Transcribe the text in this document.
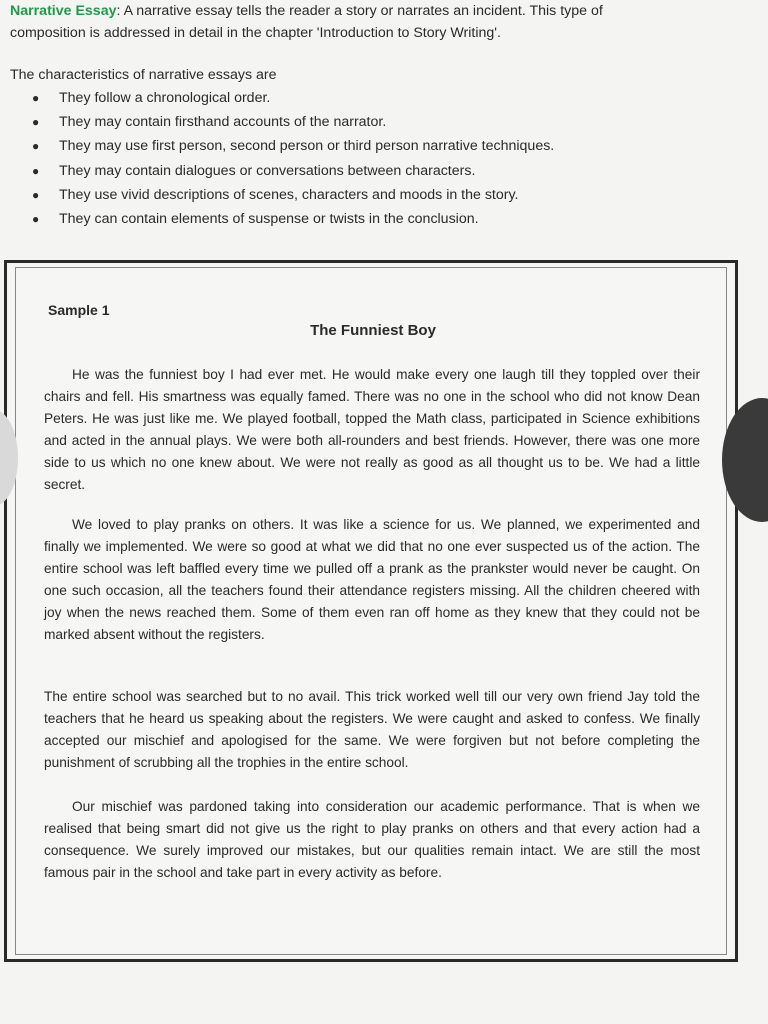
Narrative Essay: A narrative essay tells the reader a story or narrates an incident. This type of

composition is addressed in detail in the chapter 'Introduction to Story Writing'.

The characteristics of narrative essays are

● They follow a chronological order.
● They may contain firsthand accounts of the narrator.
● They may use first person, second person or third person narrative techniques.
● They may contain dialogues or conversations between characters.
● They use vivid descriptions of scenes, characters and moods in the story.
● They can contain elements of suspense or twists in the conclusion.
Sample 1
The Funniest Boy

He was the funniest boy I had ever met. He would make every one laugh till they toppled over their chairs and fell. His smartness was equally famed. There was no one in the school who did not know Dean Peters. He was just like me. We played football, topped the Math class, participated in Science exhibitions and acted in the annual plays. We were both all-rounders and best friends. However, there was one more side to us which no one knew about. We were not really as good as all thought us to be. We had a little secret.

We loved to play pranks on others. It was like a science for us. We planned, we experimented and finally we implemented. We were so good at what we did that no one ever suspected us of the action. The entire school was left baffled every time we pulled off a prank as the prankster would never be caught. On one such occasion, all the teachers found their attendance registers missing. All the children cheered with joy when the news reached them. Some of them even ran off home as they knew that they could not be marked absent without the registers.

The entire school was searched but to no avail. This trick worked well till our very own friend Jay told the teachers that he heard us speaking about the registers. We were caught and asked to confess. We finally accepted our mischief and apologised for the same. We were forgiven but not before completing the punishment of scrubbing all the trophies in the entire school.

Our mischief was pardoned taking into consideration our academic performance. That is when we realised that being smart did not give us the right to play pranks on others and that every action had a consequence. We surely improved our mistakes, but our qualities remain intact. We are still the most famous pair in the school and take part in every activity as before.
